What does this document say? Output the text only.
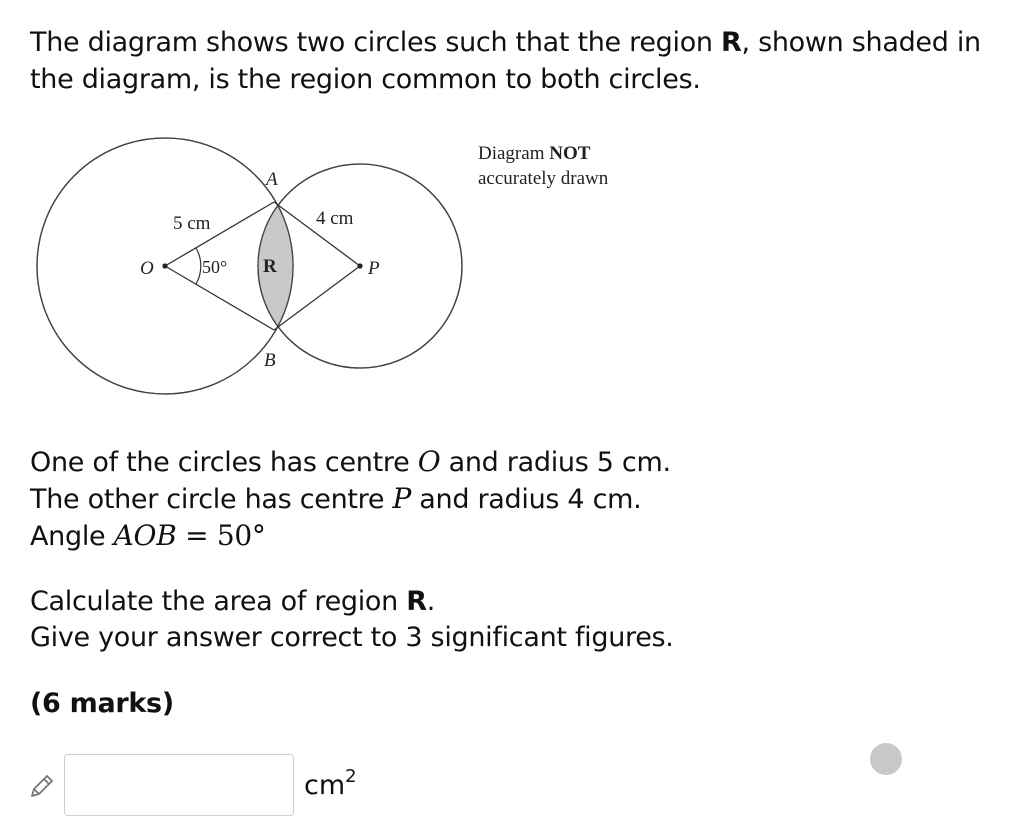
The diagram shows two circles such that the region R, shown shaded in the diagram, is the region common to both circles.
O	P
A
B
R
5 cm	4 cm
50°
Diagram NOT
accurately drawn
One of the circles has centre O and radius 5 cm.
The other circle has centre P and radius 4 cm.
Angle AOB = 50°
Calculate the area of region R.
Give your answer correct to 3 significant figures.
(6 marks)
$cm^2$
